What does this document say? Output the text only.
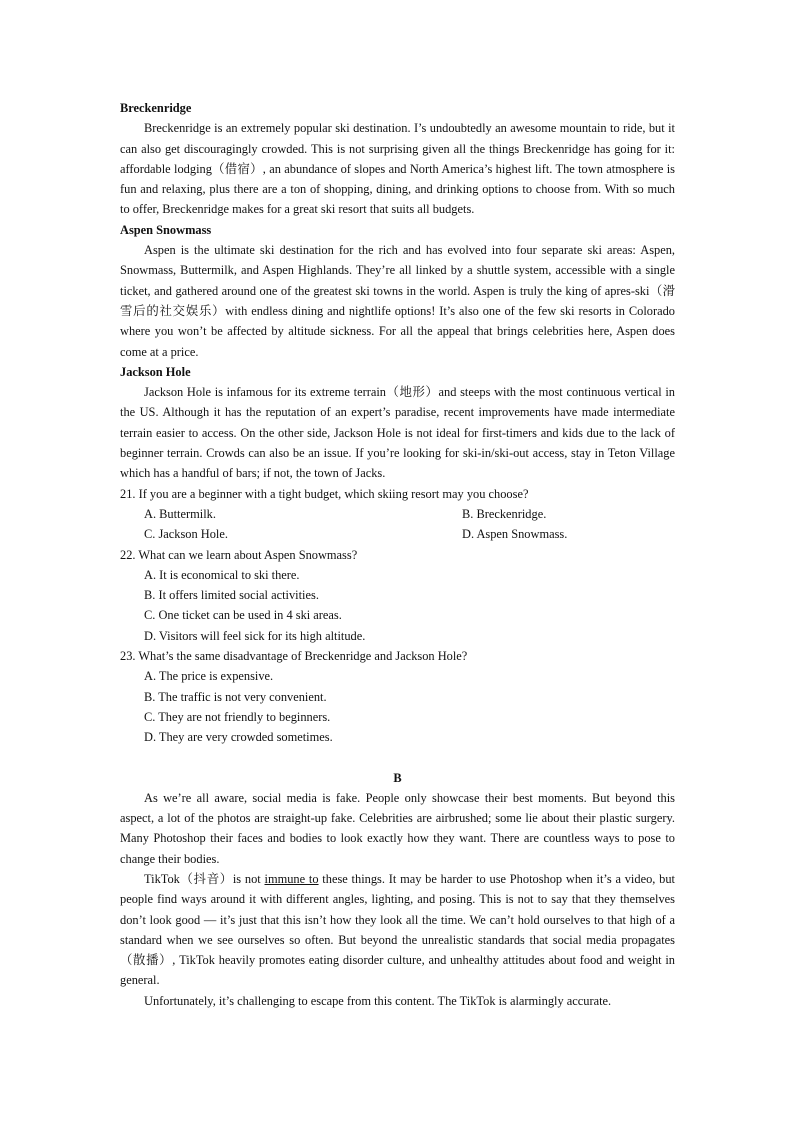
Breckenridge

Breckenridge is an extremely popular ski destination. I’s undoubtedly an awesome mountain to ride, but it can also get discouragingly crowded. This is not surprising given all the things Breckenridge has going for it: affordable lodging（借宿）, an abundance of slopes and North America’s highest lift. The town atmosphere is fun and relaxing, plus there are a ton of shopping, dining, and drinking options to choose from. With so much to offer, Breckenridge makes for a great ski resort that suits all budgets.

Aspen Snowmass

Aspen is the ultimate ski destination for the rich and has evolved into four separate ski areas: Aspen, Snowmass, Buttermilk, and Aspen Highlands. They’re all linked by a shuttle system, accessible with a single ticket, and gathered around one of the greatest ski towns in the world. Aspen is truly the king of apres-ski（滑雪后的社交娱乐）with endless dining and nightlife options! It’s also one of the few ski resorts in Colorado where you won’t be affected by altitude sickness. For all the appeal that brings celebrities here, Aspen does come at a price.

Jackson Hole

Jackson Hole is infamous for its extreme terrain（地形）and steeps with the most continuous vertical in the US. Although it has the reputation of an expert’s paradise, recent improvements have made intermediate terrain easier to access. On the other side, Jackson Hole is not ideal for first-timers and kids due to the lack of beginner terrain. Crowds can also be an issue. If you’re looking for ski-in/ski-out access, stay in Teton Village which has a handful of bars; if not, the town of Jacks.

21. If you are a beginner with a tight budget, which skiing resort may you choose?

A. Buttermilk.	B. Breckenridge.
C. Jackson Hole.	D. Aspen Snowmass.

22. What can we learn about Aspen Snowmass?

A. It is economical to ski there.
B. It offers limited social activities.
C. One ticket can be used in 4 ski areas.
D. Visitors will feel sick for its high altitude.

23. What’s the same disadvantage of Breckenridge and Jackson Hole?

A. The price is expensive.
B. The traffic is not very convenient.
C. They are not friendly to beginners.
D. They are very crowded sometimes.

B

As we’re all aware, social media is fake. People only showcase their best moments. But beyond this aspect, a lot of the photos are straight-up fake. Celebrities are airbrushed; some lie about their plastic surgery. Many Photoshop their faces and bodies to look exactly how they want. There are countless ways to pose to change their bodies.

TikTok（抖音）is not immune to these things. It may be harder to use Photoshop when it’s a video, but people find ways around it with different angles, lighting, and posing. This is not to say that they themselves don’t look good — it’s just that this isn’t how they look all the time. We can’t hold ourselves to that high of a standard when we see ourselves so often. But beyond the unrealistic standards that social media propagates（散播）, TikTok heavily promotes eating disorder culture, and unhealthy attitudes about food and weight in general.

Unfortunately, it’s challenging to escape from this content. The TikTok is alarmingly accurate.
